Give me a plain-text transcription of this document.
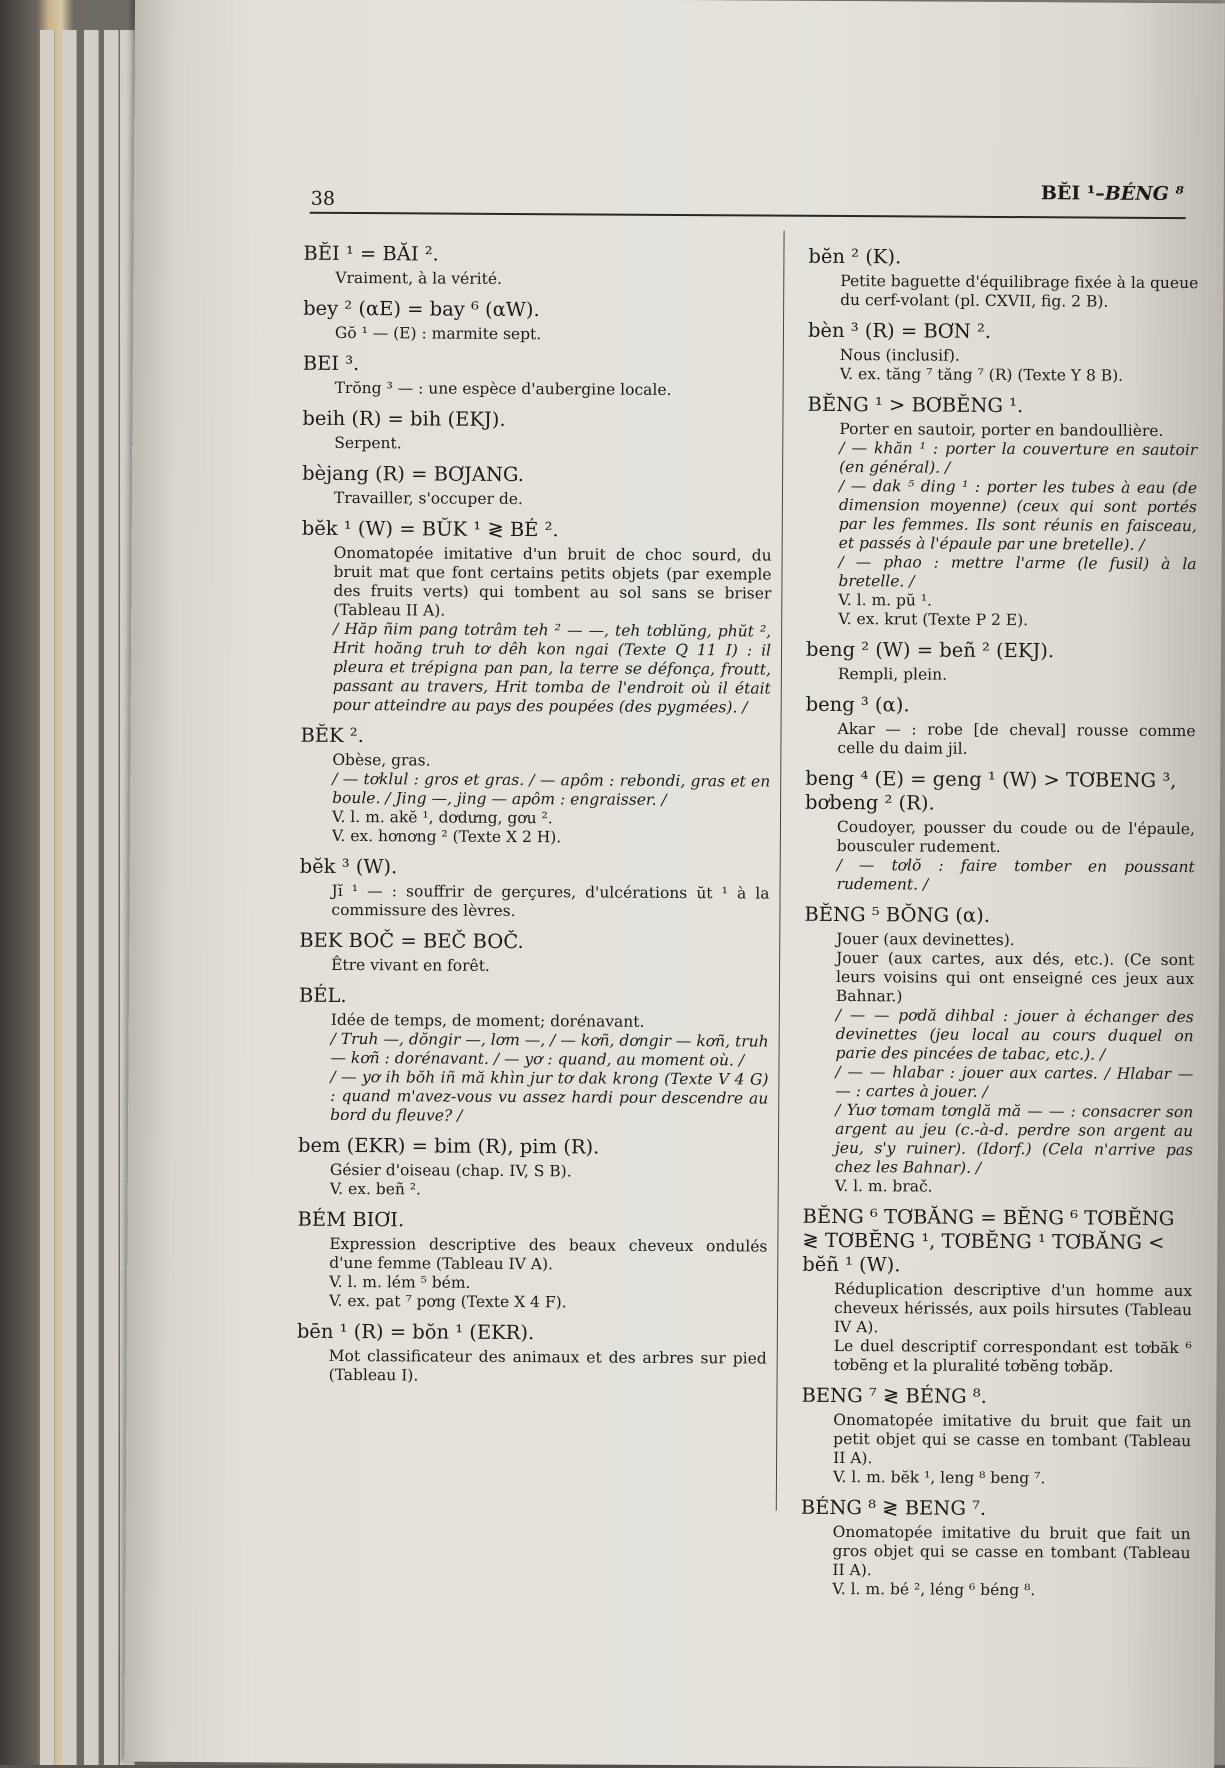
38	BĔI ¹–BÉNG ⁸
BĔI ¹ = BĂI ².
Vraiment, à la vérité.
bey ² (αE) = bay ⁶ (αW).
Gŏ ¹ — (E) : marmite sept.
BEI ³.
Trŏng ³ — : une espèce d'aubergine locale.
beih (R) = bih (EKJ).
Serpent.
bèjang (R) = BƠJANG.
Travailler, s'occuper de.
bĕk ¹ (W) = BŬK ¹ ≷ BÉ ².
Onomatopée imitative d'un bruit de choc sourd, du bruit mat que font certains petits objets (par exemple des fruits verts) qui tombent au sol sans se briser (Tableau II A).
/ Hăp ñim pang totrâm teh ² — —, teh tơblŭng, phŭt ², Hrit hoăng truh tơ dêh kon ngai (Texte Q 11 I) : il pleura et trépigna pan pan, la terre se défonça, froutt, passant au travers, Hrit tomba de l'endroit où il était pour atteindre au pays des poupées (des pygmées). /
BĔK ².
Obèse, gras.
/ — tơklul : gros et gras. / — apôm : rebondi, gras et en boule. / Jing —, jing — apôm : engraisser. /
V. l. m. akĕ ¹, dơdưng, gơu ².
V. ex. hơnơng ² (Texte X 2 H).
bĕk ³ (W).
Jĭ ¹ — : souffrir de gerçures, d'ulcérations ŭt ¹ à la commissure des lèvres.
BEK BOČ = BEČ BOČ.
Être vivant en forêt.
BÉL.
Idée de temps, de moment; dorénavant.
/ Truh —, dŏngir —, lơm —, / — kơñ, dơngir — kơñ, truh — kơñ : dorénavant. / — yơ : quand, au moment où. /
/ — yơ ih bŏh iñ mă khìn jur tơ dak krong (Texte V 4 G) : quand m'avez-vous vu assez hardi pour descendre au bord du fleuve? /
bem (EKR) = bim (R), pim (R).
Gésier d'oiseau (chap. IV, S B).
V. ex. beñ ².
BÉM BIƠI.
Expression descriptive des beaux cheveux ondulés d'une femme (Tableau IV A).
V. l. m. lém ⁵ bém.
V. ex. pat ⁷ pơng (Texte X 4 F).
bēn ¹ (R) = bŏn ¹ (EKR).
Mot classificateur des animaux et des arbres sur pied (Tableau I).
bĕn ² (K).
Petite baguette d'équilibrage fixée à la queue du cerf-volant (pl. CXVII, fig. 2 B).
bèn ³ (R) = BƠN ².
Nous (inclusif).
V. ex. tăng ⁷ tăng ⁷ (R) (Texte Y 8 B).
BĔNG ¹ > BƠBĔNG ¹.
Porter en sautoir, porter en bandoullière.
/ — khăn ¹ : porter la couverture en sautoir (en général). /
/ — dak ⁵ ding ¹ : porter les tubes à eau (de dimension moyenne) (ceux qui sont portés par les femmes. Ils sont réunis en faisceau, et passés à l'épaule par une bretelle). /
/ — phao : mettre l'arme (le fusil) à la bretelle. /
V. l. m. pŭ ¹.
V. ex. krut (Texte P 2 E).
beng ² (W) = beñ ² (EKJ).
Rempli, plein.
beng ³ (α).
Akar — : robe [de cheval] rousse comme celle du daim jil.
beng ⁴ (E) = geng ¹ (W) > TƠBENG ³, bơbeng ² (R).
Coudoyer, pousser du coude ou de l'épaule, bousculer rudement.
/ — tơlŏ : faire tomber en poussant rudement. /
BĔNG ⁵ BŎNG (α).
Jouer (aux devinettes).
Jouer (aux cartes, aux dés, etc.). (Ce sont leurs voisins qui ont enseigné ces jeux aux Bahnar.)
/ — — pơdă dihbal : jouer à échanger des devinettes (jeu local au cours duquel on parie des pincées de tabac, etc.). /
/ — — hlabar : jouer aux cartes. / Hlabar — — : cartes à jouer. /
/ Yuơ tơmam tơnglă mă — — : consacrer son argent au jeu (c.-à-d. perdre son argent au jeu, s'y ruiner). (Idorf.) (Cela n'arrive pas chez les Bahnar). /
V. l. m. brač.
BĔNG ⁶ TƠBĂNG = BĔNG ⁶ TƠBĔNG ≷ TƠBĔNG ¹, TƠBĔNG ¹ TƠBĂNG < bĕñ ¹ (W).
Réduplication descriptive d'un homme aux cheveux hérissés, aux poils hirsutes (Tableau IV A).
Le duel descriptif correspondant est tơbăk ⁶ tơbĕng et la pluralité tơbĕng tơbăp.
BENG ⁷ ≷ BÉNG ⁸.
Onomatopée imitative du bruit que fait un petit objet qui se casse en tombant (Tableau II A).
V. l. m. bĕk ¹, leng ⁸ beng ⁷.
BÉNG ⁸ ≷ BENG ⁷.
Onomatopée imitative du bruit que fait un gros objet qui se casse en tombant (Tableau II A).
V. l. m. bé ², léng ⁶ béng ⁸.
